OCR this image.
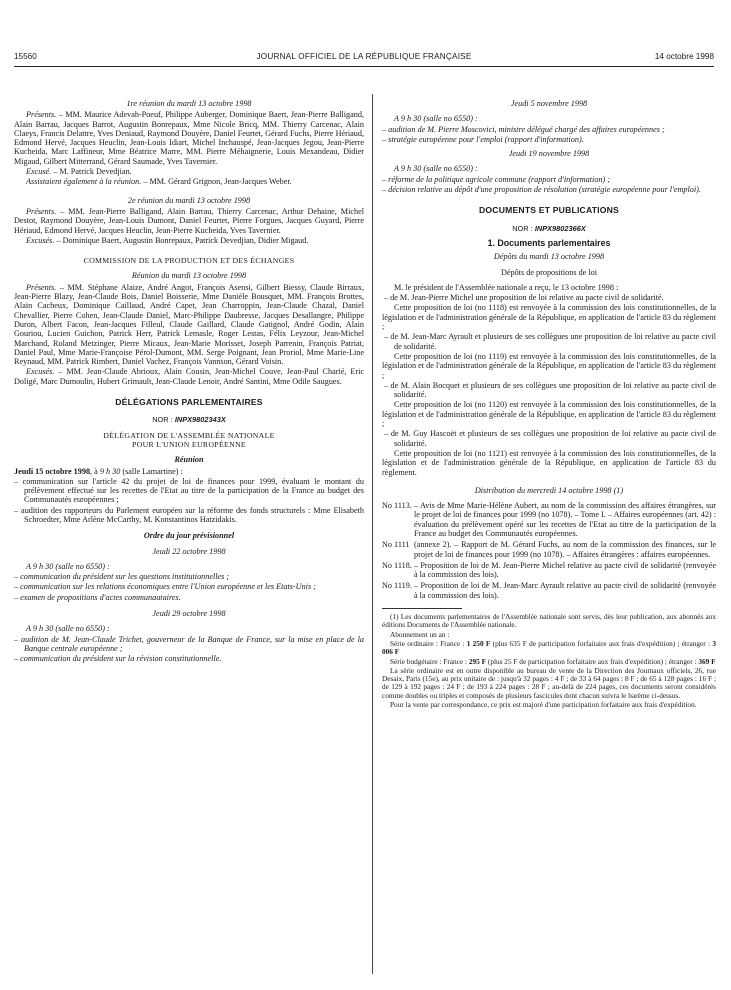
15560	JOURNAL OFFICIEL DE LA RÉPUBLIQUE FRANÇAISE	14 octobre 1998

1re réunion du mardi 13 octobre 1998

Présents. – MM. Maurice Adevah-Poeuf, Philippe Auberger, Dominique Baert, Jean-Pierre Balligand, Alain Barrau, Jacques Barrot, Augustin Bonrepaux, Mme Nicole Bricq, MM. Thierry Carcenac, Alain Claeys, Francis Delattre, Yves Deniaud, Raymond Douyère, Daniel Feurtet, Gérard Fuchs, Pierre Hériaud, Edmond Hervé, Jacques Heuclin, Jean-Louis Idiart, Michel Inchauspé, Jean-Jacques Jegou, Jean-Pierre Kucheida, Marc Laffineur, Mme Béatrice Marre, MM. Pierre Méhaignerie, Louis Mexandeau, Didier Migaud, Gilbert Mitterrand, Gérard Saumade, Yves Tavernier.

Excusé. – M. Patrick Devedjian.

Assistaient également à la réunion. – MM. Gérard Grignon, Jean-Jacques Weber.

2e réunion du mardi 13 octobre 1998

Présents. – MM. Jean-Pierre Balligand, Alain Barrau, Thierry Carcenac, Arthur Dehaine, Michel Destot, Raymond Douyère, Jean-Louis Dumont, Daniel Feurtet, Pierre Forgues, Jacques Guyard, Pierre Hériaud, Edmond Hervé, Jacques Heuclin, Jean-Pierre Kucheida, Yves Tavernier.

Excusés. – Dominique Baert, Augustin Bonrepaux, Patrick Devedjian, Didier Migaud.

COMMISSION DE LA PRODUCTION ET DES ÉCHANGES

Réunion du mardi 13 octobre 1998

Présents. – MM. Stéphane Alaize, André Angot, François Asensi, Gilbert Biessy, Claude Birraux, Jean-Pierre Blazy, Jean-Claude Bois, Daniel Boisserie, Mme Danièle Bousquet, MM. François Brottes, Alain Cacheux, Dominique Caillaud, André Capet, Jean Charroppin, Jean-Claude Chazal, Daniel Chevallier, Pierre Cohen, Jean-Claude Daniel, Marc-Philippe Daubresse, Jacques Desallangre, Philippe Duron, Albert Facon, Jean-Jacques Filleul, Claude Gaillard, Claude Gatignol, André Godin, Alain Gouriou, Lucien Guichon, Patrick Herr, Patrick Lemasle, Roger Lestas, Félix Leyzour, Jean-Michel Marchand, Roland Metzinger, Pierre Micaux, Jean-Marie Morisset, Joseph Parrenin, François Patriat, Daniel Paul, Mme Marie-Françoise Pérol-Dumont, MM. Serge Poignant, Jean Proriol, Mme Marie-Line Reynaud, MM. Patrick Rimbert, Daniel Vachez, François Vannson, Gérard Voisin.

Excusés. – MM. Jean-Claude Abrioux, Alain Cousin, Jean-Michel Couve, Jean-Paul Charié, Eric Doligé, Marc Dumoulin, Hubert Grimault, Jean-Claude Lenoir, André Santini, Mme Odile Saugues.

DÉLÉGATIONS PARLEMENTAIRES

NOR : INPX9802343X

DÉLÉGATION DE L'ASSEMBLÉE NATIONALE

POUR L'UNION EUROPÉENNE

Réunion

Jeudi 15 octobre 1998, à 9 h 30 (salle Lamartine) :

– communication sur l'article 42 du projet de loi de finances pour 1999, évaluant le montant du prélèvement effectué sur les recettes de l'Etat au titre de la participation de la France au budget des Communautés européennes ;

– audition des rapporteurs du Parlement européen sur la réforme des fonds structurels : Mme Elisabeth Schroedter, Mme Arlène McCarthy, M. Konstantinos Hatzidakis.

Ordre du jour prévisionnel

Jeudi 22 octobre 1998

A 9 h 30 (salle no 6550) :

– communication du président sur les questions institutionnelles ;

– communication sur les relations économiques entre l'Union européenne et les Etats-Unis ;

– examen de propositions d'actes communautaires.

Jeudi 29 octobre 1998

A 9 h 30 (salle no 6550) :

– audition de M. Jean-Claude Trichet, gouverneur de la Banque de France, sur la mise en place de la Banque centrale européenne ;

– communication du président sur la révision constitutionnelle.

Jeudi 5 novembre 1998

A 9 h 30 (salle no 6550) :

– audition de M. Pierre Moscovici, ministre délégué chargé des affaires européennes ;

– stratégie européenne pour l'emploi (rapport d'information).

Jeudi 19 novembre 1998

A 9 h 30 (salle no 6550) :

– réforme de la politique agricole commune (rapport d'information) ;

– décision relative au dépôt d'une proposition de résolution (stratégie européenne pour l'emploi).

DOCUMENTS ET PUBLICATIONS

NOR : INPX9802366X

1. Documents parlementaires

Dépôts du mardi 13 octobre 1998

Dépôts de propositions de loi

M. le président de l'Assemblée nationale a reçu, le 13 octobre 1998 :

– de M. Jean-Pierre Michel une proposition de loi relative au pacte civil de solidarité.

Cette proposition de loi (no 1118) est renvoyée à la commission des lois constitutionnelles, de la législation et de l'administration générale de la République, en application de l'article 83 du règlement ;

– de M. Jean-Marc Ayrault et plusieurs de ses collègues une proposition de loi relative au pacte civil de solidarité.

Cette proposition de loi (no 1119) est renvoyée à la commission des lois constitutionnelles, de la législation et de l'administration générale de la République, en application de l'article 83 du règlement ;

– de M. Alain Bocquet et plusieurs de ses collègues une proposition de loi relative au pacte civil de solidarité.

Cette proposition de loi (no 1120) est renvoyée à la commission des lois constitutionnelles, de la législation et de l'administration générale de la République, en application de l'article 83 du règlement ;

– de M. Guy Hascoët et plusieurs de ses collègues une proposition de loi relative au pacte civil de solidarité.

Cette proposition de loi (no 1121) est renvoyée à la commission des lois constitutionnelles, de la législation et de l'administration générale de la République, en application de l'article 83 du règlement.

Distribution du mercredi 14 octobre 1998 (1)

No 1113. – Avis de Mme Marie-Hélène Aubert, au nom de la commission des affaires étrangères, sur le projet de loi de finances pour 1999 (no 1078). – Tome I. – Affaires européennes (art. 42) : évaluation du prélèvement opéré sur les recettes de l'Etat au titre de la participation de la France au budget des Communautés européennes.
No 1111 (annexe 2). – Rapport de M. Gérard Fuchs, au nom de la commission des finances, sur le projet de loi de finances pour 1999 (no 1078). – Affaires étrangères : affaires européennes.
No 1118. – Proposition de loi de M. Jean-Pierre Michel relative au pacte civil de solidarité (renvoyée à la commission des lois).
No 1119. – Proposition de loi de M. Jean-Marc Ayrault relative au pacte civil de solidarité (renvoyée à la commission des lois).

(1) Les documents parlementaires de l'Assemblée nationale sont servis, dès leur publication, aux abonnés aux éditions Documents de l'Assemblée nationale.

Abonnement un an :

Série ordinaire : France : 1 250 F (plus 635 F de participation forfaitaire aux frais d'expédition) ; étranger : 3 006 F

Série budgétaire : France : 295 F (plus 25 F de participation forfaitaire aux frais d'expédition) ; étranger : 369 F

La série ordinaire est en outre disponible au bureau de vente de la Direction des Journaux officiels, 26, rue Desaix, Paris (15e), au prix unitaire de : jusqu'à 32 pages : 4 F ; de 33 à 64 pages : 8 F ; de 65 à 128 pages : 16 F ; de 129 à 192 pages : 24 F ; de 193 à 224 pages : 28 F ; au-delà de 224 pages, ces documents seront considérés comme doubles ou triples et composés de plusieurs fascicules dont chacun suivra le barème ci-dessus.

Pour la vente par correspondance, ce prix est majoré d'une participation forfaitaire aux frais d'expédition.
